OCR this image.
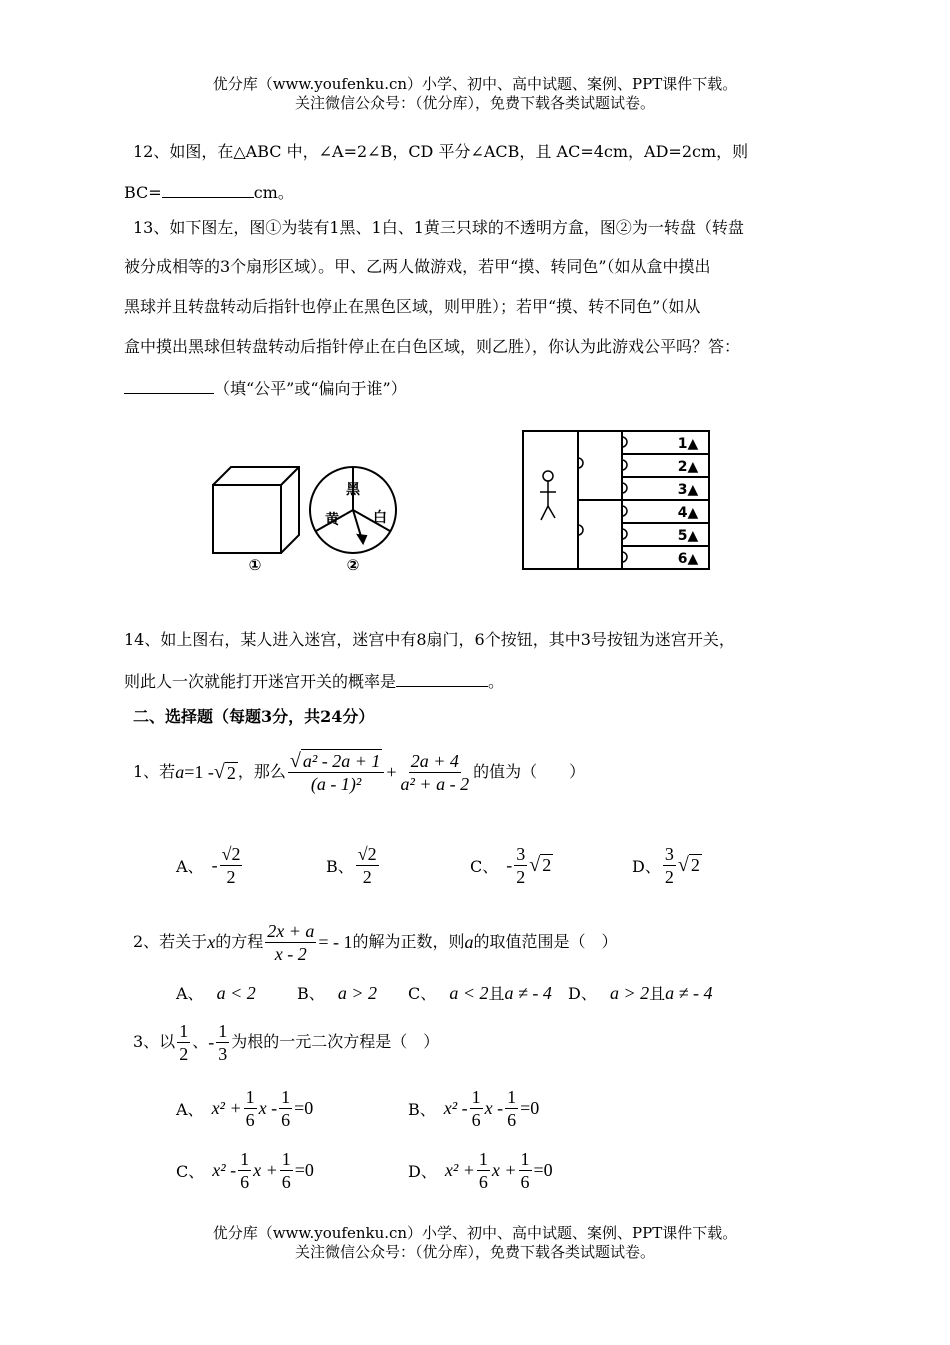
优分库（www.youfenku.cn）小学、初中、高中试题、案例、PPT课件下载。
关注微信公众号：（优分库），免费下载各类试题试卷。
12、如图，在△ABC 中，∠A=2∠B，CD 平分∠ACB，且 AC=4cm，AD=2cm，则
BC=	cm。
13、如下图左，图①为装有1黑、1白、1黄三只球的不透明方盒，图②为一转盘（转盘
被分成相等的3个扇形区域）。甲、乙两人做游戏，若甲“摸、转同色”（如从盒中摸出
黑球并且转盘转动后指针也停止在黑色区域，则甲胜）；若甲“摸、转不同色”（如从
盒中摸出黑球但转盘转动后指针停止在白色区域，则乙胜），你认为此游戏公平吗？答：
（填“公平”或“偏向于谁”）
黑
黄 白
①	②
1▲
2▲
3▲
4▲
5▲
6▲
14、如上图右，某人进入迷宫，迷宫中有8扇门，6个按钮，其中3号按钮为迷宫开关，
则此人一次就能打开迷宫开关的概率是	。
二、选择题（每题3分，共24分）
1、若 a =1 - √ 2 ，那么 $\frac{\text{√ a² - 2a + 1}}{\text{(a - 1)²}} + \frac{2a + 4}{\text{a² + a - 2}}$ 的值为（　　）
A、 - $\frac{√2}{2}$	B、 $\frac{√2}{2}$	C、 - $\frac{3}{2}$ √ 2	D、 $\frac{3}{2}$ √ 2
2、若关于 x 的方程 $\frac{2x + a}{x - 2}$ = - 1 的解为正数，则 a 的取值范围是（　）
A、 a < 2	B、 a > 2 C、 a < 2且a ≠ - 4 D、 a > 2且a ≠ - 4
3、以 $\frac{1}{2}$ 、 - $\frac{1}{3}$ 为根的一元二次方程是（　）
A、 $x^2 + \frac{1}{6}$ $x - \frac{1}{6} =0$	B、 $x^2 - \frac{1}{6}$ $x - \frac{1}{6} =0$
C、 $x^2 - \frac{1}{6}$ $x + \frac{1}{6} =0$	D、 $x^2 + \frac{1}{6}$ $x + \frac{1}{6} =0$
优分库（www.youfenku.cn）小学、初中、高中试题、案例、PPT课件下载。
关注微信公众号：（优分库），免费下载各类试题试卷。
